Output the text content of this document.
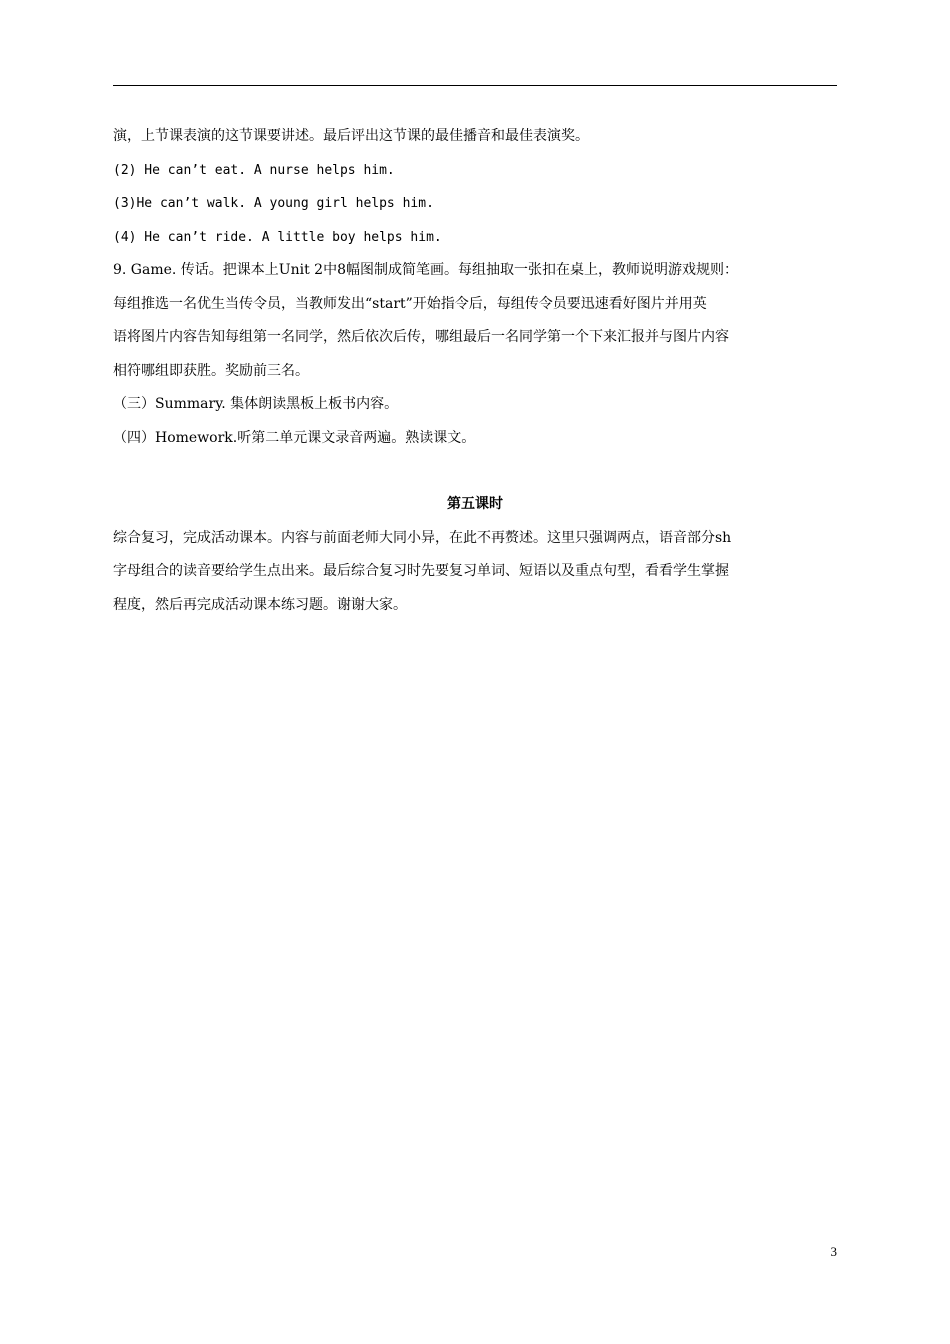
演，上节课表演的这节课要讲述。最后评出这节课的最佳播音和最佳表演奖。
(2) He can’t eat. A nurse helps him.
(3)He can’t walk. A young girl helps him.
(4) He can’t ride. A little boy helps him.
9. Game. 传话。把课本上Unit 2中8幅图制成简笔画。每组抽取一张扣在桌上，教师说明游戏规则：
每组推选一名优生当传令员，当教师发出“start”开始指令后，每组传令员要迅速看好图片并用英
语将图片内容告知每组第一名同学，然后依次后传，哪组最后一名同学第一个下来汇报并与图片内容
相符哪组即获胜。奖励前三名。
（三）Summary. 集体朗读黑板上板书内容。
（四）Homework.听第二单元课文录音两遍。熟读课文。
第五课时
综合复习，完成活动课本。内容与前面老师大同小异，在此不再赘述。这里只强调两点，语音部分sh
字母组合的读音要给学生点出来。最后综合复习时先要复习单词、短语以及重点句型，看看学生掌握
程度，然后再完成活动课本练习题。谢谢大家。
3
